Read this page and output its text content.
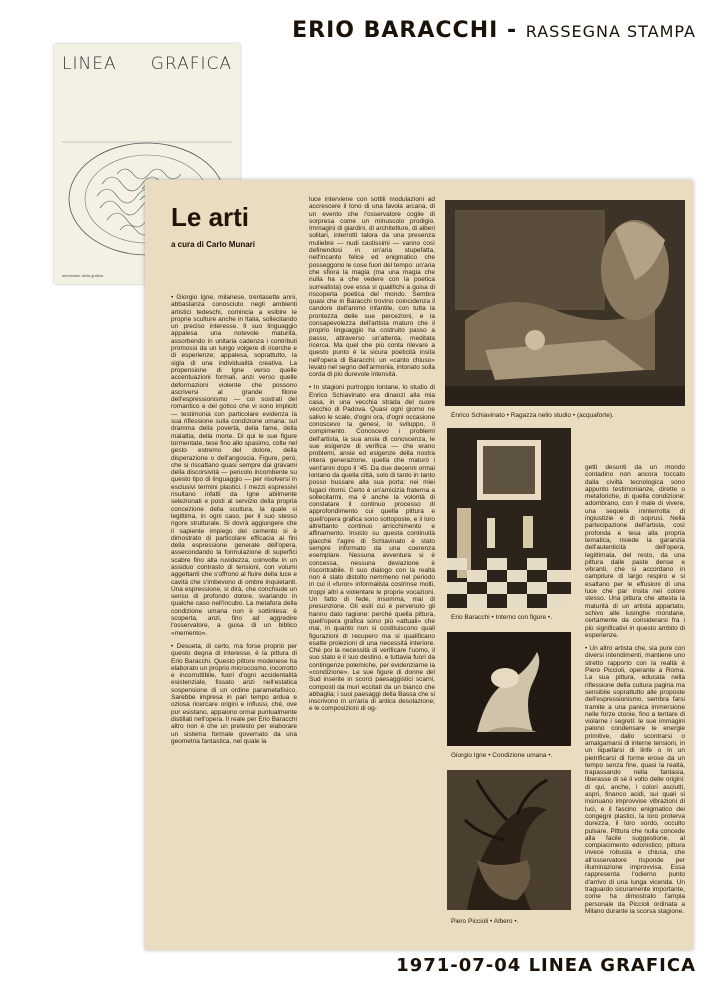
ERIO BARACCHI - RASSEGNA STAMPA
LINEA GRAFICA
bimestrale della grafica
Le arti
a cura di Carlo Munari

• Giorgio Igne, milanese, trentasette anni, abbastanza conosciuto negli ambienti artistici tedeschi, comincia a esibire le proprie sculture anche in Italia, sollecitando un preciso interesse. Il suo linguaggio appalesa una notevole maturità, assorbendo in unitaria cadenza i contributi promossi da un lungo volgere di ricerche e di esperienze; appalesa, soprattutto, la sigla di una individualità creativa. La propensione di Igne verso quelle accentuazioni formali, anzi verso quelle deformazioni violente che possono ascriversi al grande filone dell'espressionismo — coi sostrati del romantico e del gotico che vi sono impliciti — testimonia con particolare evidenza la sua riflessione sulla condizione umana: sul dramma della povertà, della fame, della malattia, della morte. Di qui le sue figure tormentate, tese fino allo spasimo, colte nel gesto estremo del dolore, della disperazione o dell'angoscia. Figure, però, che si riscattano quasi sempre dai gravami della discorsività — pericolo incombente su questo tipo di linguaggio — per risolversi in esclusivi termini plastici. I mezzi espressivi risultano infatti da Igne abilmente selezionati e posti al servizio della propria concezione della scultura, la quale si legittima, in ogni caso, per il suo stesso rigore strutturale. Si dovrà aggiungere che il sapiente impiego del cemento si è dimostrato di particolare efficacia ai fini della espressione generale dell'opera, assecondando la formulazione di superfici scabre fino alla ruvidezza, coinvolte in un assiduo contrasto di tensioni, con volumi aggettanti che s'offrono al fluire della luce e cavità che s'imbevono di ombre inquietanti. Una espressione, si dirà, che conchiude un senso di profondo dolore, svariando in qualche caso nell'incubo. La metafora della condizione umana non è sottintesa: è scoperta, anzi, fino ad aggredire l'osservatore, a guisa di un biblico «memento».

• Desueta, di certo, ma forse proprio per questo degna di interesse, è la pittura di Erio Baracchi. Questo pittore modenese ha elaborato un proprio microcosmo, incorrotto e incorruttibile, fuori d'ogni accidentalità esistenziale, fissato anzi nell'estatica sospensione di un ordine parametafisico. Sarebbe impresa in pari tempo ardua e oziosa ricercare origini e influssi, ché, ove pur esistano, appaiono ormai puntualmente distillati nell'opera. Il reale per Erio Baracchi altro non è che un pretesto per elaborare un sistema formale governato da una geometria fantastica, nel quale la

luce interviene con sottili modulazioni ad accrescere il tono di una favola arcana, di un evento che l'osservatore coglie di sorpresa come un minuscolo prodigio. Immagini di giardini, di architetture, di alberi solitari, interrotti talora da una presenza muliebre — nudi castissimi — vanno così definendosi in un'aria stupefatta, nell'incanto felice ed enigmatico che posseggono le cose fuori del tempo: un'aria che sfiora la magia (ma una magia che nulla ha a che vedere con la poetica surrealista) ove essa si qualifichi a guisa di riscoperta poetica del mondo. Sembra quasi che in Baracchi trovino coincidenza il candore dell'animo infantile, con tutta la prontezza delle sue percezioni, e la consapevolezza dell'artista maturo che il proprio linguaggio ha costruito passo a passo, attraverso un'attenta, meditata ricerca. Ma quel che più conta rilevare a questo punto è la sicura poeticità insita nell'opera di Baracchi: un «canto chiuso» levato nel segno dell'armonia, intonato sulla corda di più durevole intensità.

• In stagioni purtroppo lontane, lo studio di Enrico Schiavinato era dinanzi alla mia casa, in una vecchia strada del cuore vecchio di Padova. Quasi ogni giorno ne salivo le scale, d'ogni ora, d'ogni occasione conoscevo la genesi, lo sviluppo, il compimento. Conoscevo i problemi dell'artista, la sua ansia di conoscenza, le sue esigenze di verifica — che erano problemi, ansie ed esigenze della nostra intera generazione, quella che maturò i vent'anni dopo il '45. Da due decenni ormai lontano da quella città, solo di tanto in tanto posso bussare alla sua porta: nei miei fugaci ritorni. Certo è un'amicizia fraterna a sollecitarmi, ma è anche la volontà di constatare il continuo processo di approfondimento cui quella pittura e quell'opera grafica sono sottoposte, e il loro altrettanto continuo arricchimento e affinamento. Insisto su questa continuità giacché l'agire di Schiavinato è stato sempre informato da una coerenza esemplare. Nessuna avventura si è concessa, nessuna deviazione è riscontrabile. Il suo dialogo con la realtà non è stato distolto nemmeno nel periodo in cui il «furor» informalista costrinse molti, troppi altri a violentare le proprie vocazioni. Un fatto di fede, insomma, mai di presunzione. Gli esiti cui è pervenuto gli hanno dato ragione: perché quella pittura, quell'opera grafica sono più «attuali» che mai, in quanto non si costituiscono quali figurazioni di recupero ma si qualificano esatte proiezioni di una necessità interiore. Ché poi la necessità di verificare l'uomo, il suo stato e il suo destino, e tuttavia fuori da contingenze polemiche, per evidenziarne la «condizione». Le sue figure di donne del Sud inserite in scorci paesaggistici scarni, composti da muri eccitati da un bianco che abbaglia; i suoi paesaggi della Bassa che si inscrivono in un'aria di antica desolazione; e le composizioni di og-

getti desunti da un mondo contadino non ancora toccato dalla civiltà tecnologica sono appunto testimonianze, dirette o metaforiche, di quella condizione: adombrano, con il male di vivere, una sequela ininterrotta di ingiustizie e di soprusi. Nella partecipazione dell'artista, così profonda e tesa alla propria tematica, risiede la garanzia dell'autenticità dell'opera, legittimata, del resto, da una pittura dalle paste dense e vibranti, che si accordano in campiture di largo respiro e si esaltano per le effusioni di una luce che par insita nel colore stesso. Una pittura che attesta la maturità di un artista appartato, schivo alle lusinghe mondane, certamente da considerarsi fra i più significativi in questo ambito di esperienze.

• Un altro artista che, sia pure con diversi intendimenti, mantiene uno stretto rapporto con la realtà è Piero Piccioli, operante a Roma. La sua pittura, educata nella riflessione della cultura pagina ma sensibile soprattutto alle proposte dell'espressionismo, sembra farsi tramite a una panica immersione nelle forze ctonie, fino a tentare di violarne i segreti: le sue immagini paiono condensare le energie primitive, dallo scontrarsi o amalgamarsi di interne tensioni, in un liquefarsi di linfe o in un pietrificarsi di forme erose da un tempo senza fine, quasi la realtà, trapassando nella fantasia, liberasse di sé il volto delle origini: di qui, anche, i colori asciutti, aspri, financo acidi, sui quali si insinuano improvvise vibrazioni di luci, e il fascino enigmatico dei congegni plastici, la loro proterva durezza, il loro sordo, occulto pulsare. Pittura che nulla concede alla facile suggestione, al compiacimento edonistico; pittura invece robusta e chiusa, che all'osservatore risponde per illuminazione improvvisa. Essa rappresenta l'odierno punto d'arrivo di una lunga vicenda. Un traguardo sicuramente importante, come ha dimostrato l'ampia personale da Piccioli ordinata a Milano durante la scorsa stagione.

Enrico Schiavinato • Ragazza nello studio • (acquaforte).
Erio Baracchi • Interno con figure •.
Giorgio Igne • Condizione umana •.
Piero Piccioli • Albero •.
1971-07-04 LINEA GRAFICA
